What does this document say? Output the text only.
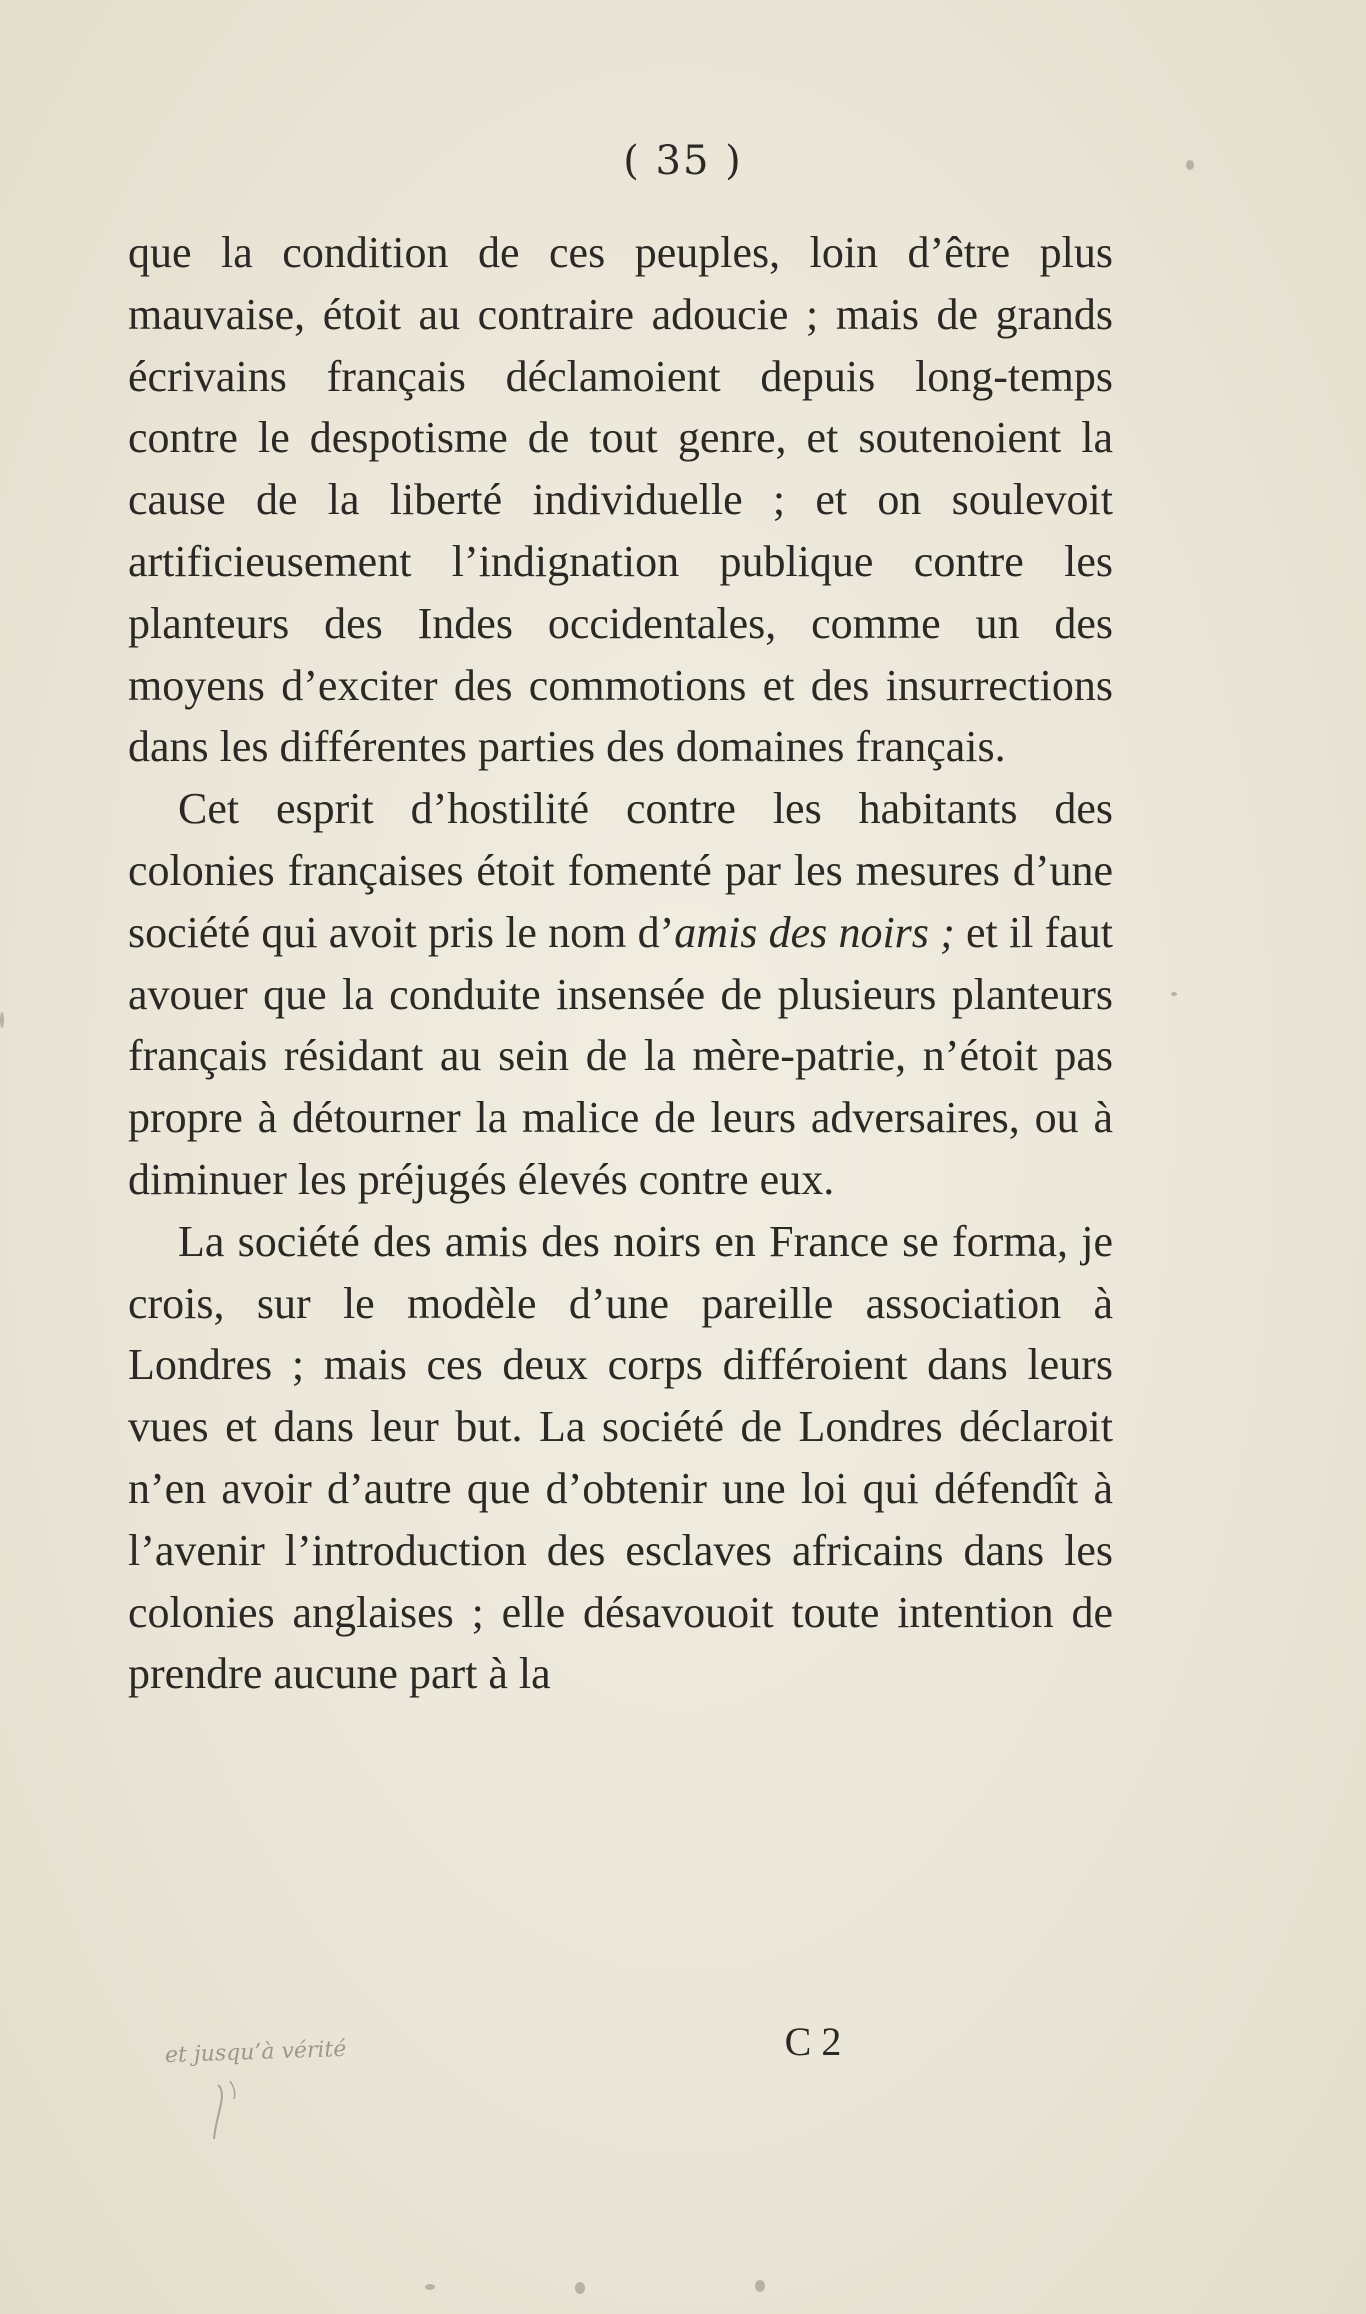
( 35 )

que la condition de ces peuples, loin d’être plus mauvaise, étoit au contraire adoucie ; mais de grands écrivains français déclamoient depuis long-temps contre le despotisme de tout genre, et soutenoient la cause de la liberté individuelle ; et on soulevoit artificieusement l’indignation publique contre les planteurs des Indes occidentales, comme un des moyens d’exciter des commotions et des insurrections dans les différentes parties des domaines français.

Cet esprit d’hostilité contre les habitants des colonies françaises étoit fomenté par les mesures d’une société qui avoit pris le nom d’amis des noirs ; et il faut avouer que la conduite insensée de plusieurs planteurs français résidant au sein de la mère-patrie, n’étoit pas propre à détourner la malice de leurs adversaires, ou à diminuer les préjugés élevés contre eux.

La société des amis des noirs en France se forma, je crois, sur le modèle d’une pareille association à Londres ; mais ces deux corps différoient dans leurs vues et dans leur but. La société de Londres déclaroit n’en avoir d’autre que d’obtenir une loi qui défendît à l’avenir l’introduction des esclaves africains dans les colonies anglaises ; elle désavouoit toute intention de prendre aucune part à la

C 2
et jusqu’à vérité
